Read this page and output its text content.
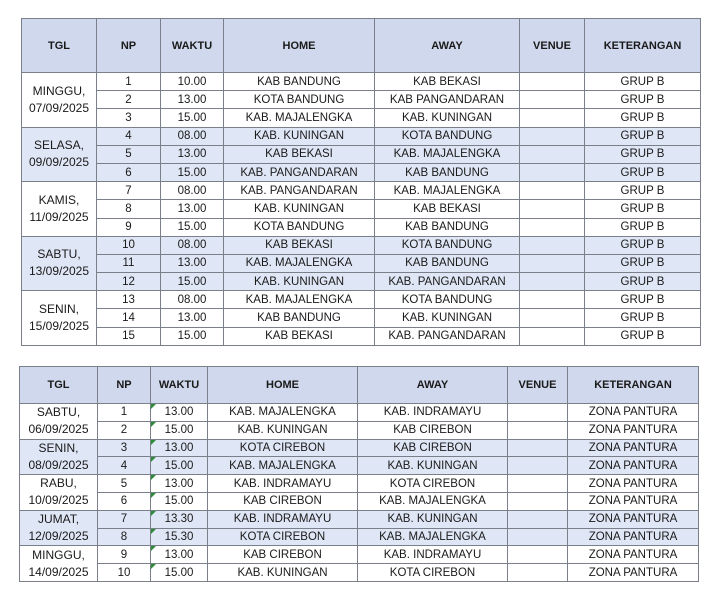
TGL	NP	WAKTU	HOME	AWAY	VENUE	KETERANGAN
MINGGU, 07/09/2025	1	10.00	KAB BANDUNG	KAB BEKASI		GRUP B
	2	13.00	KOTA BANDUNG	KAB PANGANDARAN		GRUP B
	3	15.00	KAB. MAJALENGKA	KAB. KUNINGAN		GRUP B
SELASA, 09/09/2025	4	08.00	KAB. KUNINGAN	KOTA BANDUNG		GRUP B
	5	13.00	KAB BEKASI	KAB. MAJALENGKA		GRUP B
	6	15.00	KAB. PANGANDARAN	KAB BANDUNG		GRUP B
KAMIS, 11/09/2025	7	08.00	KAB. PANGANDARAN	KAB. MAJALENGKA		GRUP B
	8	13.00	KAB. KUNINGAN	KAB BEKASI		GRUP B
	9	15.00	KOTA BANDUNG	KAB BANDUNG		GRUP B
SABTU, 13/09/2025	10	08.00	KAB BEKASI	KOTA BANDUNG		GRUP B
	11	13.00	KAB. MAJALENGKA	KAB BANDUNG		GRUP B
	12	15.00	KAB. KUNINGAN	KAB. PANGANDARAN		GRUP B
SENIN, 15/09/2025	13	08.00	KAB. MAJALENGKA	KOTA BANDUNG		GRUP B
	14	13.00	KAB BANDUNG	KAB. KUNINGAN		GRUP B
	15	15.00	KAB BEKASI	KAB. PANGANDARAN		GRUP B
TGL	NP	WAKTU	HOME	AWAY	VENUE	KETERANGAN
SABTU, 06/09/2025	1	13.00	KAB. MAJALENGKA	KAB. INDRAMAYU		ZONA PANTURA
	2	15.00	KAB. KUNINGAN	KAB CIREBON		ZONA PANTURA
SENIN, 08/09/2025	3	13.00	KOTA CIREBON	KAB CIREBON		ZONA PANTURA
	4	15.00	KAB. MAJALENGKA	KAB. KUNINGAN		ZONA PANTURA
RABU, 10/09/2025	5	13.00	KAB. INDRAMAYU	KOTA CIREBON		ZONA PANTURA
	6	15.00	KAB CIREBON	KAB. MAJALENGKA		ZONA PANTURA
JUMAT, 12/09/2025	7	13.30	KAB. INDRAMAYU	KAB. KUNINGAN		ZONA PANTURA
	8	15.30	KOTA CIREBON	KAB. MAJALENGKA		ZONA PANTURA
MINGGU, 14/09/2025	9	13.00	KAB CIREBON	KAB. INDRAMAYU		ZONA PANTURA
	10	15.00	KAB. KUNINGAN	KOTA CIREBON		ZONA PANTURA
